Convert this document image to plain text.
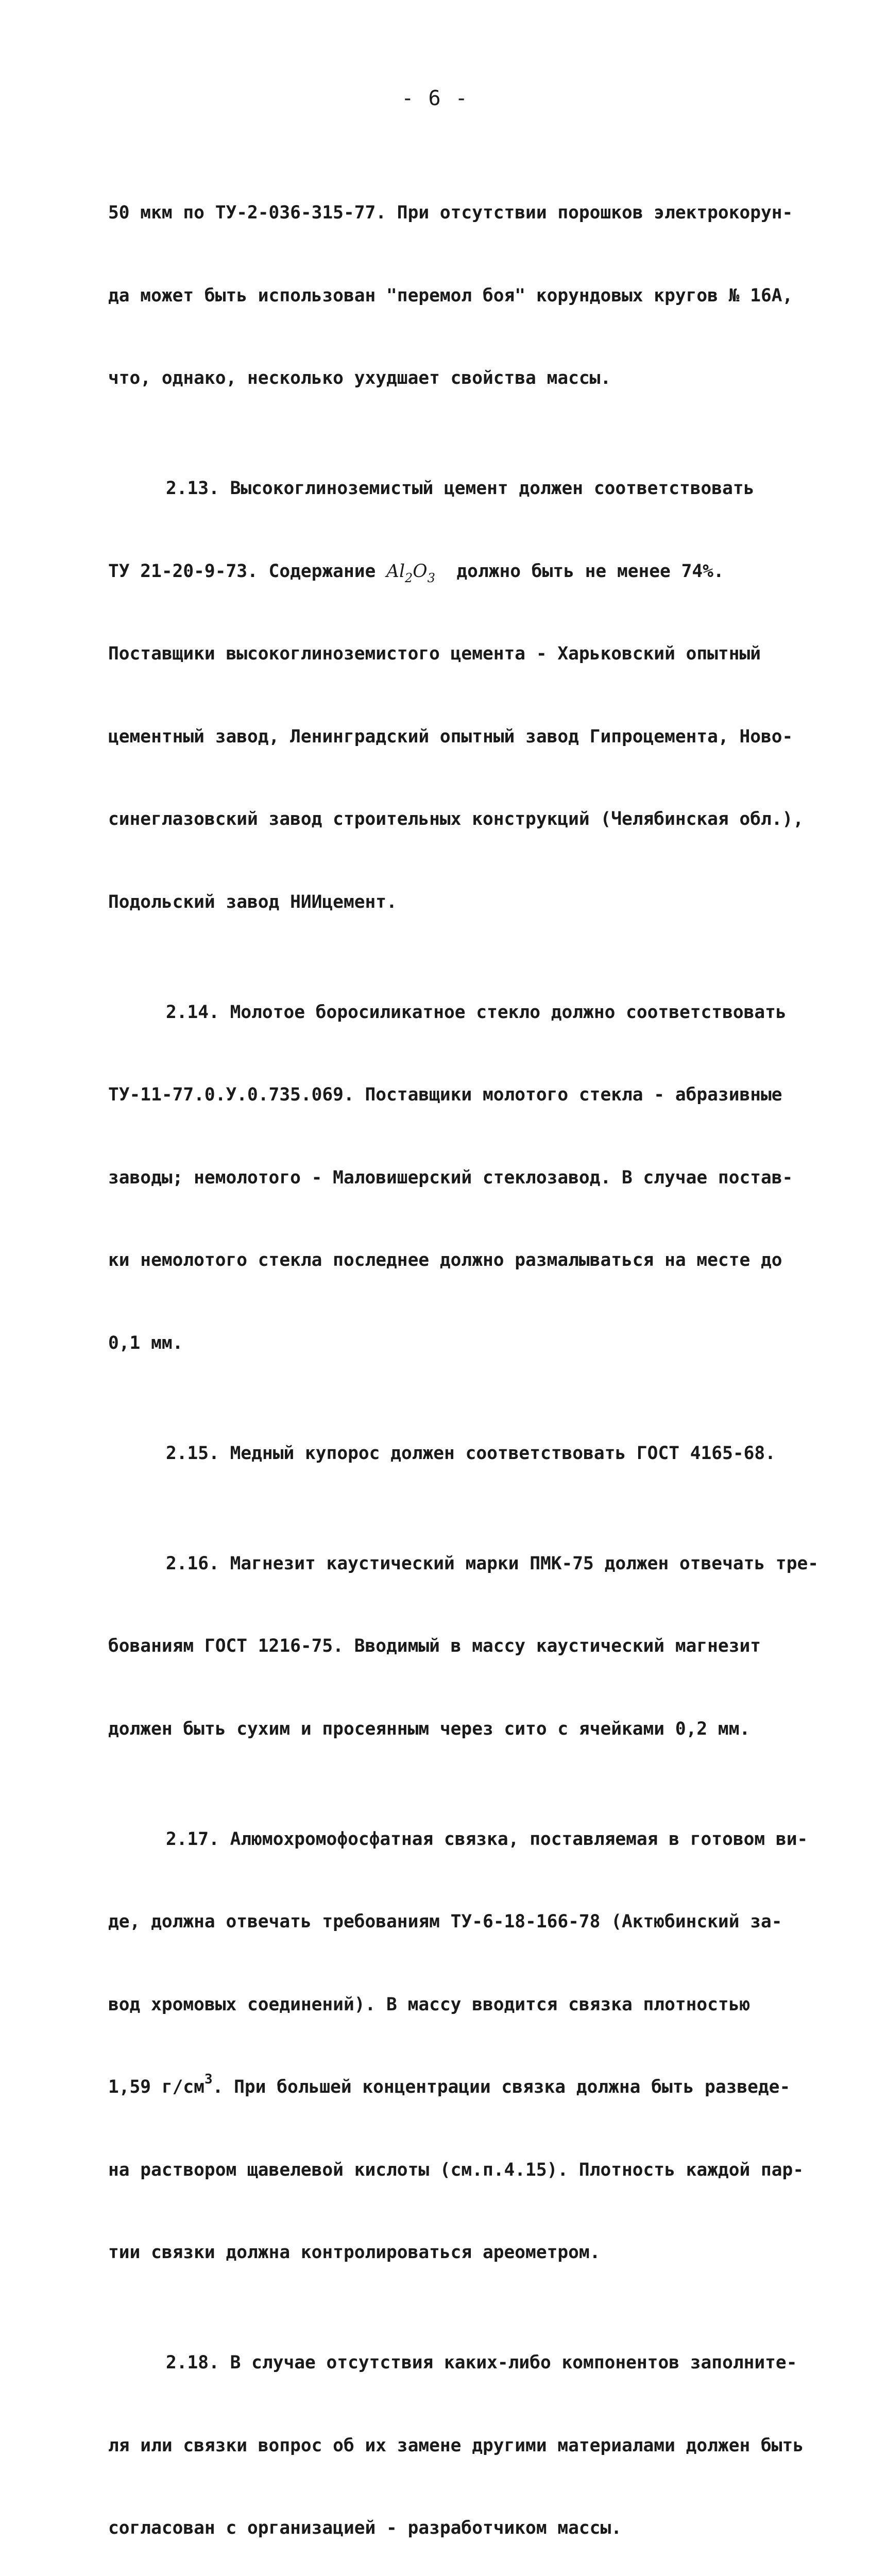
- 6 -

50 мкм по ТУ-2-036-315-77. При отсутствии порошков электрокорун-

да может быть использован "перемол боя" корундовых кругов № 16А,

что, однако, несколько ухудшает свойства массы.

2.13. Высокоглиноземистый цемент должен соответствовать

ТУ 21-20-9-73. Содержание $Al_2O_3$  должно быть не менее 74%.

Поставщики высокоглиноземистого цемента - Харьковский опытный

цементный завод, Ленинградский опытный завод Гипроцемента, Ново-

синеглазовский завод строительных конструкций (Челябинская обл.),

Подольский завод НИИцемент.

2.14. Молотое боросиликатное стекло должно соответствовать

ТУ-11-77.0.У.0.735.069. Поставщики молотого стекла - абразивные

заводы; немолотого - Маловишерский стеклозавод. В случае постав-

ки немолотого стекла последнее должно размалываться на месте до

0,1 мм.

2.15. Медный купорос должен соответствовать ГОСТ 4165-68.

2.16. Магнезит каустический марки ПМК-75 должен отвечать тре-

бованиям ГОСТ 1216-75. Вводимый в массу каустический магнезит

должен быть сухим и просеянным через сито с ячейками 0,2 мм.

2.17. Алюмохромофосфатная связка, поставляемая в готовом ви-

де, должна отвечать требованиям ТУ-6-18-166-78 (Актюбинский за-

вод хромовых соединений). В массу вводится связка плотностью

1,59 $г/см^3$. При большей концентрации связка должна быть разведе-

на раствором щавелевой кислоты (см.п.4.15). Плотность каждой пар-

тии связки должна контролироваться ареометром.

2.18. В случае отсутствия каких-либо компонентов заполните-

ля или связки вопрос об их замене другими материалами должен быть

согласован с организацией - разработчиком массы.
